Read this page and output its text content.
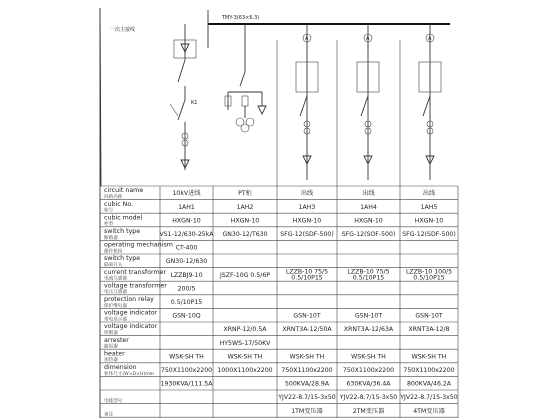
一次主接线
TMY-3(63×6.3)
K1
A	A	A
circuit name
回路名称
cubic No.
柜号
cubic model
柜型
switch type
断路器
operating mechanism
操作机构
switch type
隔离开关
current transformer
电流互感器
voltage transformer
电压互感器
protection relay
保护继电器
voltage indicator
带电显示器
voltage indicator
熔断器
arrester
避雷器
heater
加热器
dimension
柜体尺寸(W×D×H)mm
电缆型号
备注
10kV进线
1AH1
HXGN-10
VS1-12/630-25kA
CT-400
GN30-12/630
LZZBJ9-10
200/5
0.5/10P15
GSN-10Q
WSK-SH TH
750X1100x2200
1930KVA/111.5A
PT柜
1AH2
HXGN-10
GN30-12/T630
JSZF-10G 0.5/6P
XRNP-12/0.5A
HY5WS-17/50KV
WSK-SH TH
1000X1100x2200
出线
1AH3
HXGN-10
SFG-12(SDF-500)
LZZB-10 75/5
0.5/10P15
GSN-10T
XRNT3A-12/50A
WSK-SH TH
750X1100x2200
500KVA/28.9A
YJV22-8.7/15-3x50
1TM变压器
出线
1AH4
HXGN-10
SFG-12(SOF-500)
LZZB-10 75/5
0.5/10P15
GSN-10T
XRNT3A-12/63A
WSK-SH TH
750X1100x2200
630KVA/36.4A
YJV22-8.7/15-3x50
2TM变压器
出线
1AH5
HXGN-10
SFG-12(SDF-500)
LZZB-10 100/5
0.5/10P15
GSN-10T
XRNT3A-12/8
WSK-SH TH
750X1100x2200
800KVA/46.2A
YJV22-8.7/15-3x50
4TM变压器
